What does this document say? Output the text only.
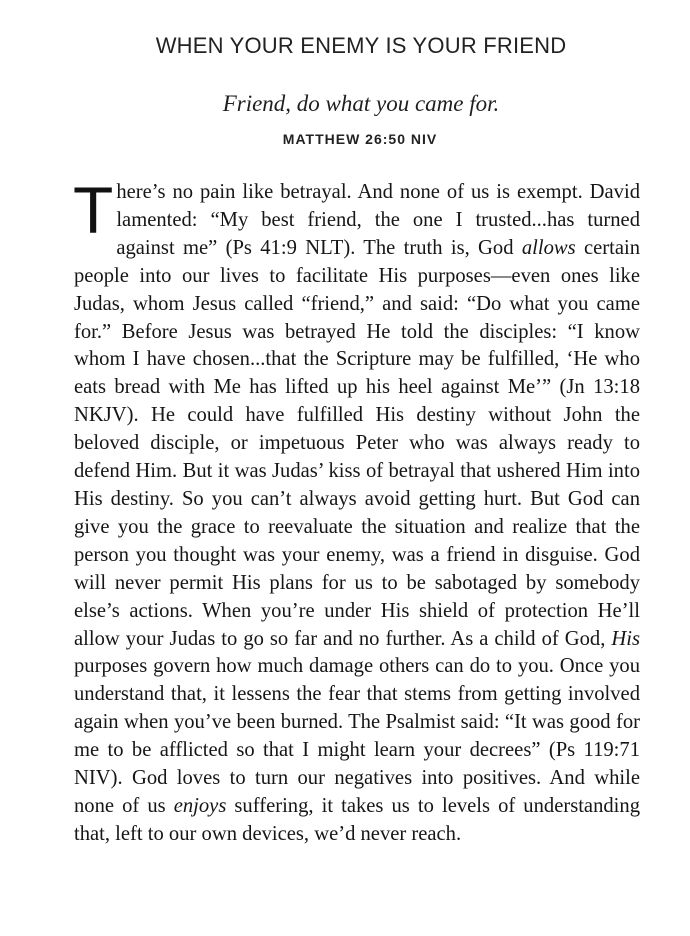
WHEN YOUR ENEMY IS YOUR FRIEND

Friend, do what you came for.

MATTHEW 26:50 NIV

There’s no pain like betrayal. And none of us is exempt. David lamented: “My best friend, the one I trusted...has turned against me” (Ps 41:9 NLT). The truth is, God allows certain people into our lives to facilitate His purposes—even ones like Judas, whom Jesus called “friend,” and said: “Do what you came for.” Before Jesus was betrayed He told the disciples: “I know whom I have chosen...that the Scripture may be fulfilled, ‘He who eats bread with Me has lifted up his heel against Me’” (Jn 13:18 NKJV). He could have fulfilled His destiny without John the beloved disciple, or impetuous Peter who was always ready to defend Him. But it was Judas’ kiss of betrayal that ushered Him into His destiny. So you can’t always avoid getting hurt. But God can give you the grace to reevaluate the situation and realize that the person you thought was your enemy, was a friend in disguise. God will never permit His plans for us to be sabotaged by somebody else’s actions. When you’re under His shield of protection He’ll allow your Judas to go so far and no further. As a child of God, His purposes govern how much damage others can do to you. Once you understand that, it lessens the fear that stems from getting involved again when you’ve been burned. The Psalmist said: “It was good for me to be afflicted so that I might learn your decrees” (Ps 119:71 NIV). God loves to turn our negatives into positives. And while none of us enjoys suffering, it takes us to levels of understanding that, left to our own devices, we’d never reach.
